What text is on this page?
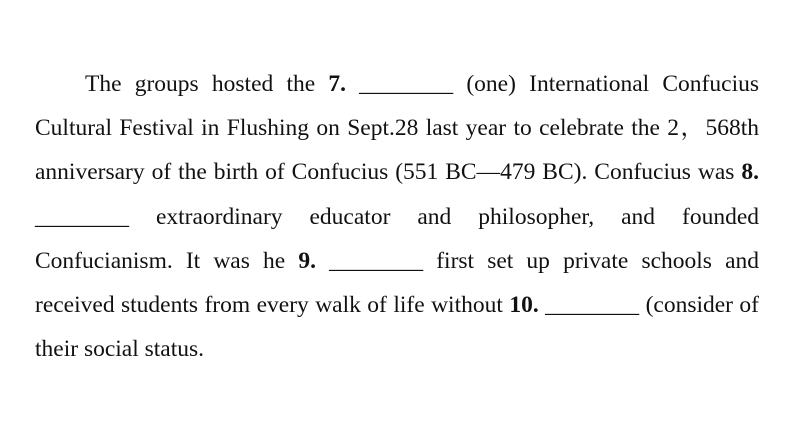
The groups hosted the 7. ________ (one) International Confucius Cultural Festival in Flushing on Sept.28 last year to celebrate the 2，568th anniversary of the birth of Confucius (551 BC—479 BC). Confucius was 8. ________ extraordinary educator and philosopher, and founded Confucianism. It was he 9. ________ first set up private schools and received students from every walk of life without 10. ________ (consider of their social status.
